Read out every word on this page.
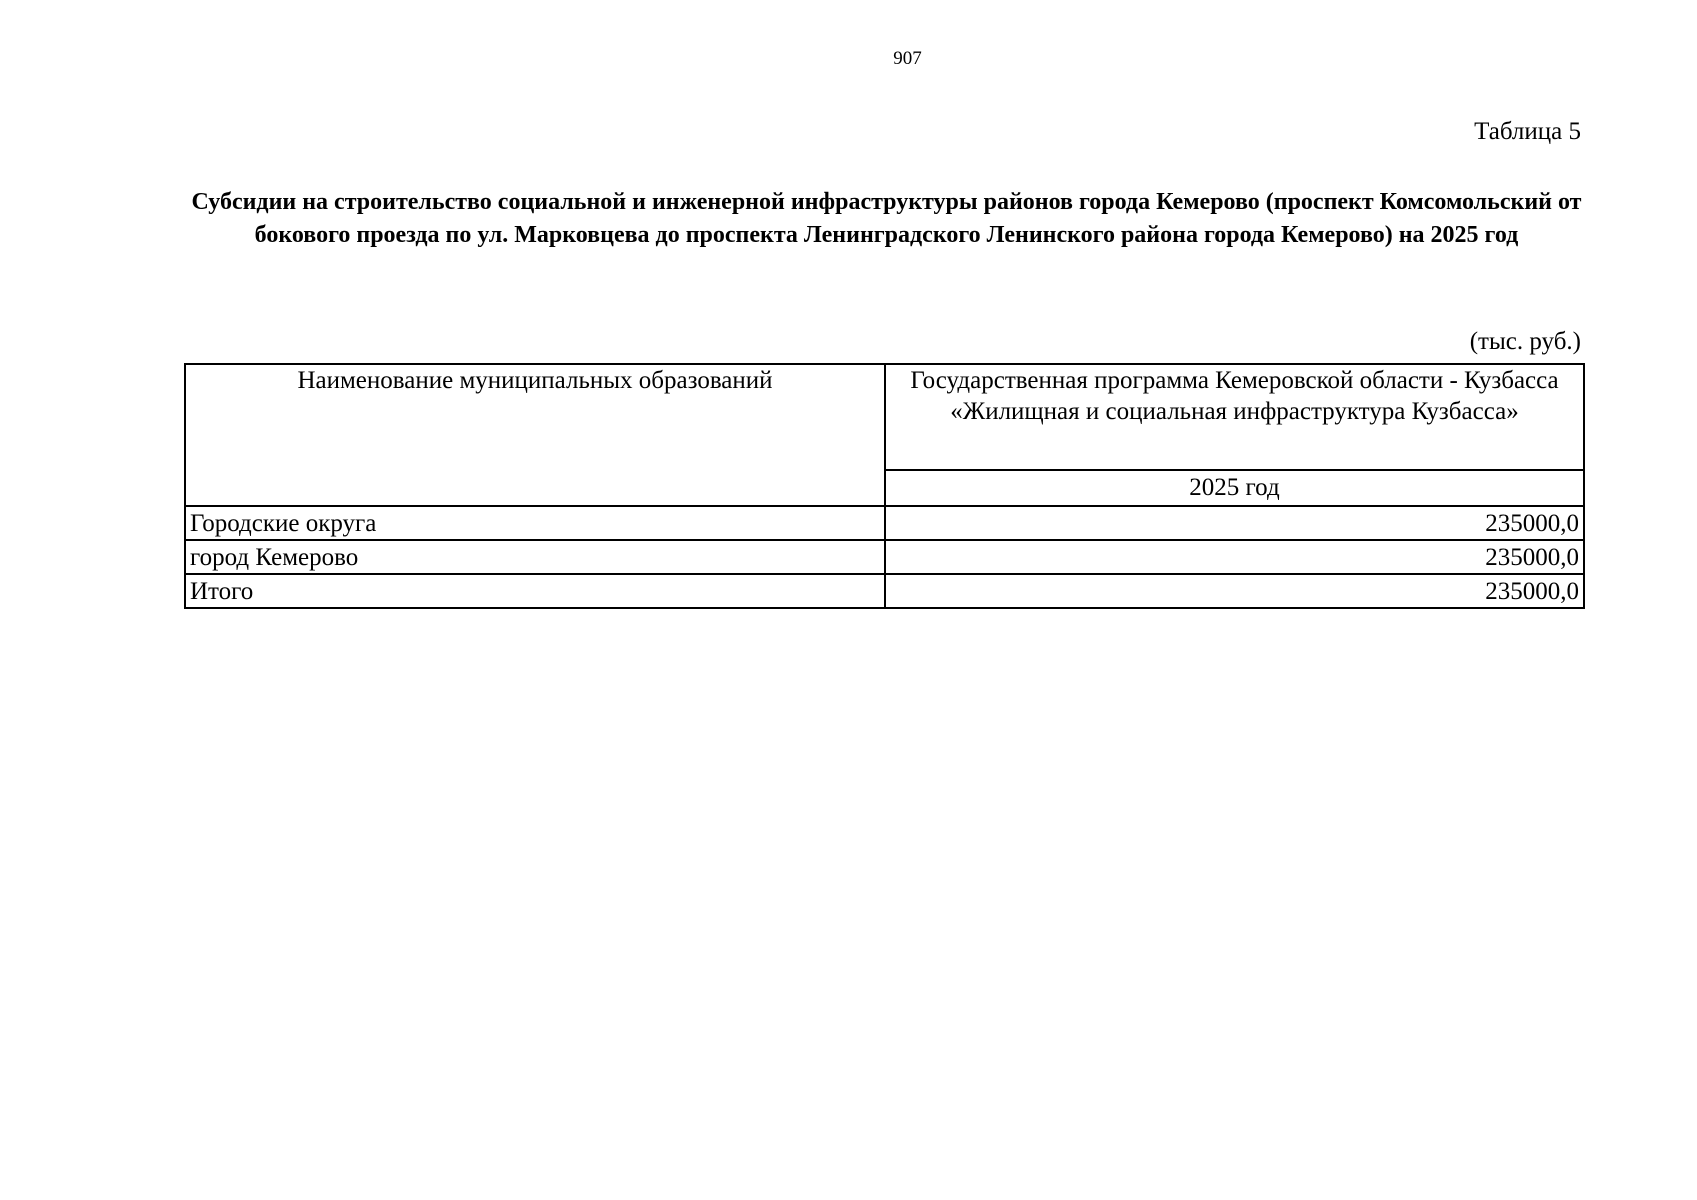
907
Таблица 5
Субсидии на строительство социальной и инженерной инфраструктуры районов города Кемерово (проспект Комсомольский от бокового проезда по ул. Марковцева до проспекта Ленинградского Ленинского района города Кемерово) на 2025 год
(тыс. руб.)
Наименование муниципальных образований	Государственная программа Кемеровской области - Кузбасса «Жилищная и социальная инфраструктура Кузбасса»
	2025 год
Городские округа	235000,0
город Кемерово	235000,0
Итого	235000,0
